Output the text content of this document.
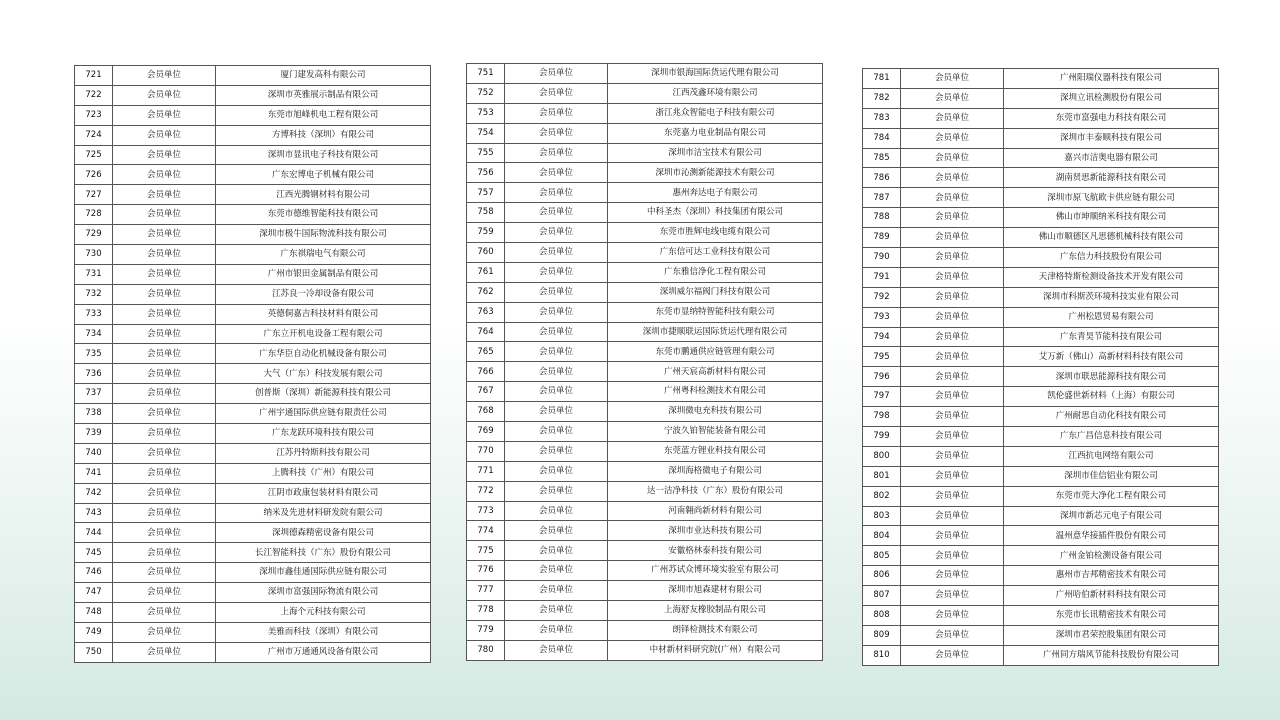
721	会员单位	厦门建发高科有限公司
722	会员单位	深圳市英雅展示制品有限公司
723	会员单位	东莞市旭峰机电工程有限公司
724	会员单位	方博科技（深圳）有限公司
725	会员单位	深圳市显讯电子科技有限公司
726	会员单位	广东宏博电子机械有限公司
727	会员单位	江西光腾钢材料有限公司
728	会员单位	东莞市德维智能科技有限公司
729	会员单位	深圳市极牛国际物流科技有限公司
730	会员单位	广东祺瑞电气有限公司
731	会员单位	广州市银田金属制品有限公司
732	会员单位	江苏良一冷却设备有限公司
733	会员单位	英德侗嘉吉科技材料有限公司
734	会员单位	广东立开机电设备工程有限公司
735	会员单位	广东华臣自动化机械设备有限公司
736	会员单位	大气（广东）科技发展有限公司
737	会员单位	创普斯（深圳）新能源科技有限公司
738	会员单位	广州宇通国际供应链有限责任公司
739	会员单位	广东龙跃环境科技有限公司
740	会员单位	江苏丹特斯科技有限公司
741	会员单位	上腾科技（广州）有限公司
742	会员单位	江阴市政康包装材料有限公司
743	会员单位	纳米及先进材料研发院有限公司
744	会员单位	深圳德森精密设备有限公司
745	会员单位	长江智能科技（广东）股份有限公司
746	会员单位	深圳市鑫佳通国际供应链有限公司
747	会员单位	深圳市富强国际物流有限公司
748	会员单位	上海个元科技有限公司
749	会员单位	美雅而科技（深圳）有限公司
750	会员单位	广州市万通通风设备有限公司
751	会员单位	深圳市银海国际货运代理有限公司
752	会员单位	江西茂鑫环境有限公司
753	会员单位	浙江兆众智能电子科技有限公司
754	会员单位	东莞嘉力电业制品有限公司
755	会员单位	深圳市洁宝技术有限公司
756	会员单位	深圳市沁测新能源技术有限公司
757	会员单位	惠州奔达电子有限公司
758	会员单位	中科圣杰（深圳）科技集团有限公司
759	会员单位	东莞市胜辉电线电缆有限公司
760	会员单位	广东信可达工业科技有限公司
761	会员单位	广东雅信净化工程有限公司
762	会员单位	深圳威尔福阀门科技有限公司
763	会员单位	东莞市显纳特智能科技有限公司
764	会员单位	深圳市捷顺联运国际货运代理有限公司
765	会员单位	东莞市鹏通供应链管理有限公司
766	会员单位	广州天宸高新材料有限公司
767	会员单位	广州粤科检测技术有限公司
768	会员单位	深圳微电充科技有限公司
769	会员单位	宁波久铂智能装备有限公司
770	会员单位	东莞蓝方锂业科技有限公司
771	会员单位	深圳海格微电子有限公司
772	会员单位	达一洁净科技（广东）股份有限公司
773	会员单位	河南翱尚新材料有限公司
774	会员单位	深圳市业达科技有限公司
775	会员单位	安徽格林泰科技有限公司
776	会员单位	广州苏试众博环境实验室有限公司
777	会员单位	深圳市旭森建材有限公司
778	会员单位	上海舒友橡胶制品有限公司
779	会员单位	朗铎检测技术有限公司
780	会员单位	中材新材料研究院(广州）有限公司
781	会员单位	广州阳瑞仪器科技有限公司
782	会员单位	深圳立讯检测股份有限公司
783	会员单位	东莞市富强电力科技有限公司
784	会员单位	深圳市丰泰顺科技有限公司
785	会员单位	嘉兴市洁奥电器有限公司
786	会员单位	湖南贤思新能源科技有限公司
787	会员单位	深圳市原飞航欧卡供应链有限公司
788	会员单位	佛山市坤顺纳米科技有限公司
789	会员单位	佛山市顺德区凡思德机械科技有限公司
790	会员单位	广东信力科技股份有限公司
791	会员单位	天津格特斯检测设备技术开发有限公司
792	会员单位	深圳市科斯茨环境科技实业有限公司
793	会员单位	广州松恩贸易有限公司
794	会员单位	广东青昊节能科技有限公司
795	会员单位	艾万新（佛山）高新材料科技有限公司
796	会员单位	深圳市联思能源科技有限公司
797	会员单位	凯伦盛世新材料（上海）有限公司
798	会员单位	广州耐思自动化科技有限公司
799	会员单位	广东广昌信息科技有限公司
800	会员单位	江西抗电网络有限公司
801	会员单位	深圳市佳信铝业有限公司
802	会员单位	东莞市莞大净化工程有限公司
803	会员单位	深圳市新芯元电子有限公司
804	会员单位	温州意华接插件股份有限公司
805	会员单位	广州金铂检测设备有限公司
806	会员单位	惠州市吉邦精密技术有限公司
807	会员单位	广州哈伯新材料科技有限公司
808	会员单位	东莞市长讯精密技术有限公司
809	会员单位	深圳市君荣控股集团有限公司
810	会员单位	广州同方瑞风节能科技股份有限公司
